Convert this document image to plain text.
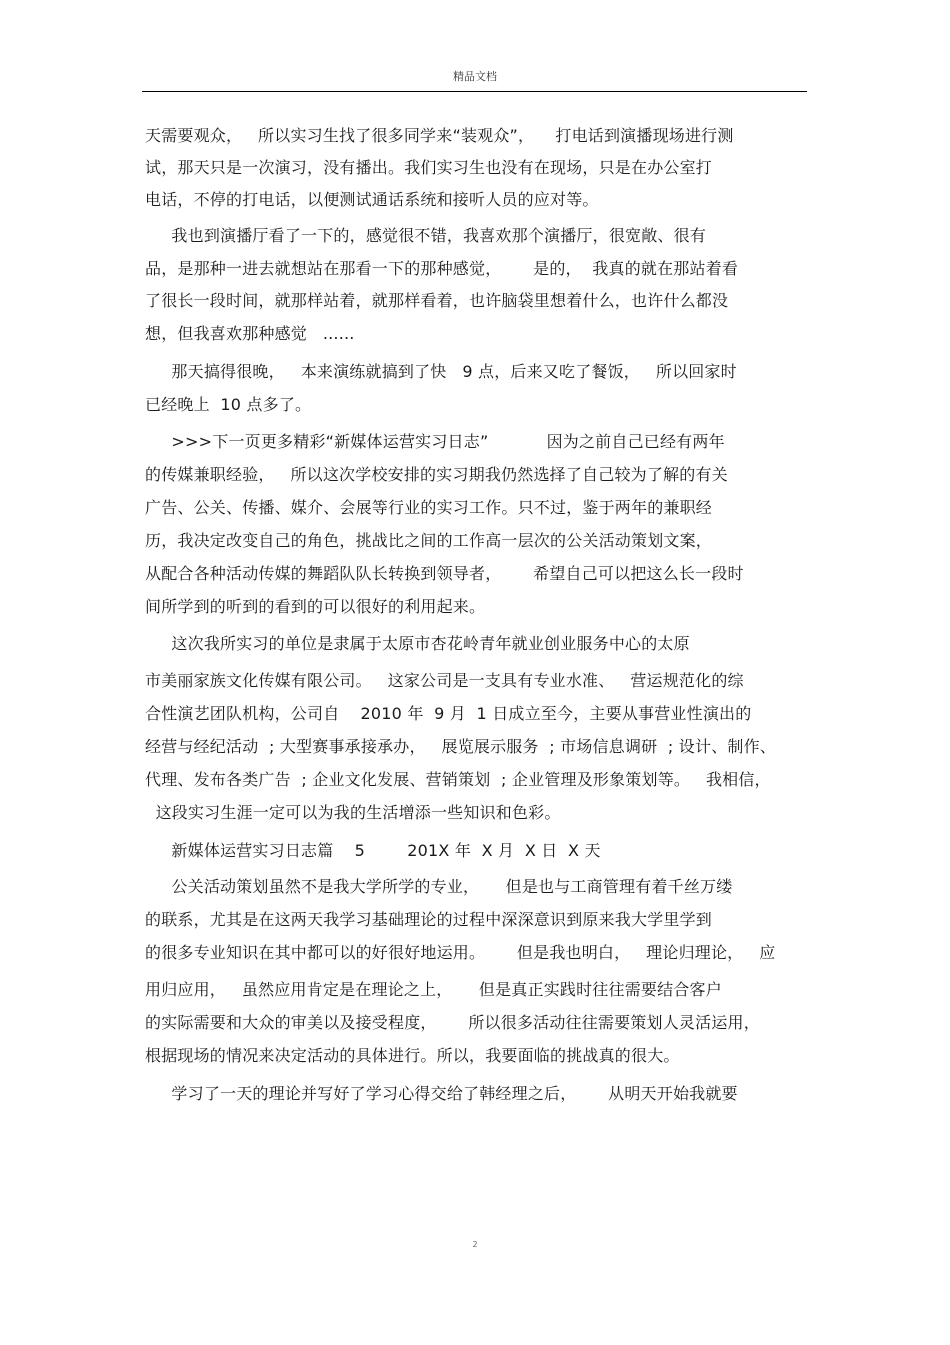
精品文档
天需要观众，   所以实习生找了很多同学来“装观众”，    打电话到演播现场进行测
试，那天只是一次演习，没有播出。我们实习生也没有在现场，只是在办公室打
电话，不停的打电话，以便测试通话系统和接听人员的应对等。
我也到演播厅看了一下的，感觉很不错，我喜欢那个演播厅，很宽敞、很有
品，是那种一进去就想站在那看一下的那种感觉，      是的，  我真的就在那站着看
了很长一段时间，就那样站着，就那样看着，也许脑袋里想着什么，也许什么都没
想，但我喜欢那种感觉   ......
那天搞得很晚，   本来演练就搞到了快   9 点，后来又吃了餐饭，   所以回家时
已经晚上  10 点多了。
>>>下一页更多精彩“新媒体运营实习日志”           因为之前自己已经有两年
的传媒兼职经验，   所以这次学校安排的实习期我仍然选择了自己较为了解的有关
广告、公关、传播、媒介、会展等行业的实习工作。只不过，鉴于两年的兼职经
历，我决定改变自己的角色，挑战比之间的工作高一层次的公关活动策划文案，
从配合各种活动传媒的舞蹈队队长转换到领导者，      希望自己可以把这么长一段时
间所学到的听到的看到的可以很好的利用起来。
这次我所实习的单位是隶属于太原市杏花岭青年就业创业服务中心的太原
市美丽家族文化传媒有限公司。   这家公司是一支具有专业水准、   营运规范化的综
合性演艺团队机构，公司自    2010 年  9 月  1 日成立至今，主要从事营业性演出的
经营与经纪活动  ; 大型赛事承接承办，   展览展示服务  ; 市场信息调研  ; 设计、制作、
代理、发布各类广告  ; 企业文化发展、营销策划  ; 企业管理及形象策划等。   我相信，
这段实习生涯一定可以为我的生活增添一些知识和色彩。
新媒体运营实习日志篇    5        201X 年  X 月  X 日  X 天
公关活动策划虽然不是我大学所学的专业，     但是也与工商管理有着千丝万缕
的联系，尤其是在这两天我学习基础理论的过程中深深意识到原来我大学里学到
的很多专业知识在其中都可以的好很好地运用。      但是我也明白，   理论归理论，   应
用归应用，   虽然应用肯定是在理论之上，     但是真正实践时往往需要结合客户
的实际需要和大众的审美以及接受程度，      所以很多活动往往需要策划人灵活运用，
根据现场的情况来决定活动的具体进行。所以，我要面临的挑战真的很大。
学习了一天的理论并写好了学习心得交给了韩经理之后，      从明天开始我就要
2
